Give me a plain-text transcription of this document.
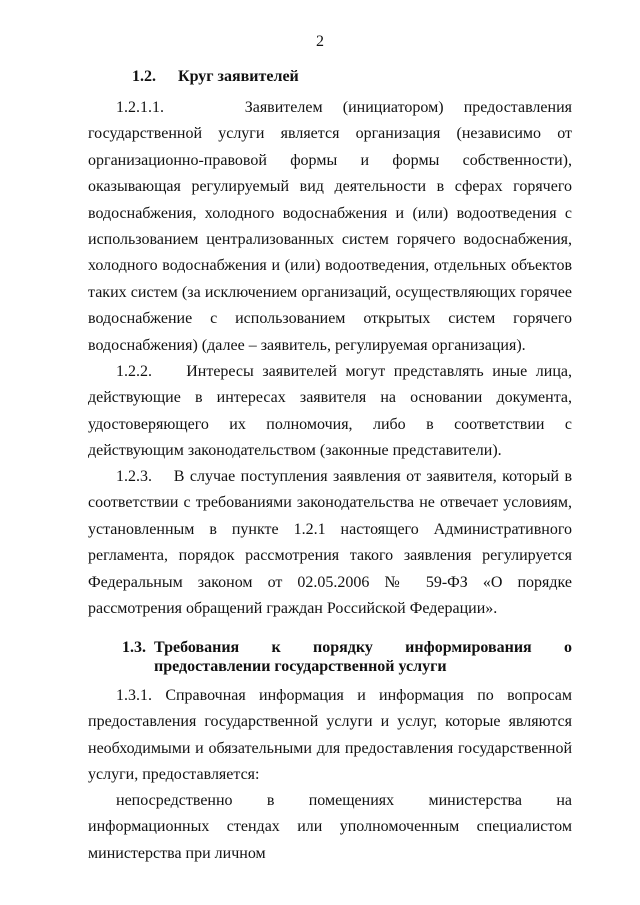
2
1.2. Круг заявителей

1.2.1.1.	Заявителем (инициатором) предоставления государственной услуги является организация (независимо от организационно-правовой формы и формы собственности), оказывающая регулируемый вид деятельности в сферах горячего водоснабжения, холодного водоснабжения и (или) водоотведения с использованием централизованных систем горячего водоснабжения, холодного водоснабжения и (или) водоотведения, отдельных объектов таких систем (за исключением организаций, осуществляющих горячее водоснабжение с использованием открытых систем горячего водоснабжения) (далее – заявитель, регулируемая организация).

1.2.2. Интересы заявителей могут представлять иные лица, действующие в интересах заявителя на основании документа, удостоверяющего их полномочия, либо в соответствии с действующим законодательством (законные представители).

1.2.3. В случае поступления заявления от заявителя, который в соответствии с требованиями законодательства не отвечает условиям, установленным в пункте 1.2.1 настоящего Административного регламента, порядок рассмотрения такого заявления регулируется Федеральным законом от 02.05.2006 № 59-ФЗ «О порядке рассмотрения обращений граждан Российской Федерации».

1.3. Требования к порядку информирования о предоставлении государственной услуги

1.3.1. Справочная информация и информация по вопросам предоставления государственной услуги и услуг, которые являются необходимыми и обязательными для предоставления государственной услуги, предоставляется:

непосредственно в помещениях министерства на информационных стендах или уполномоченным специалистом министерства при личном
